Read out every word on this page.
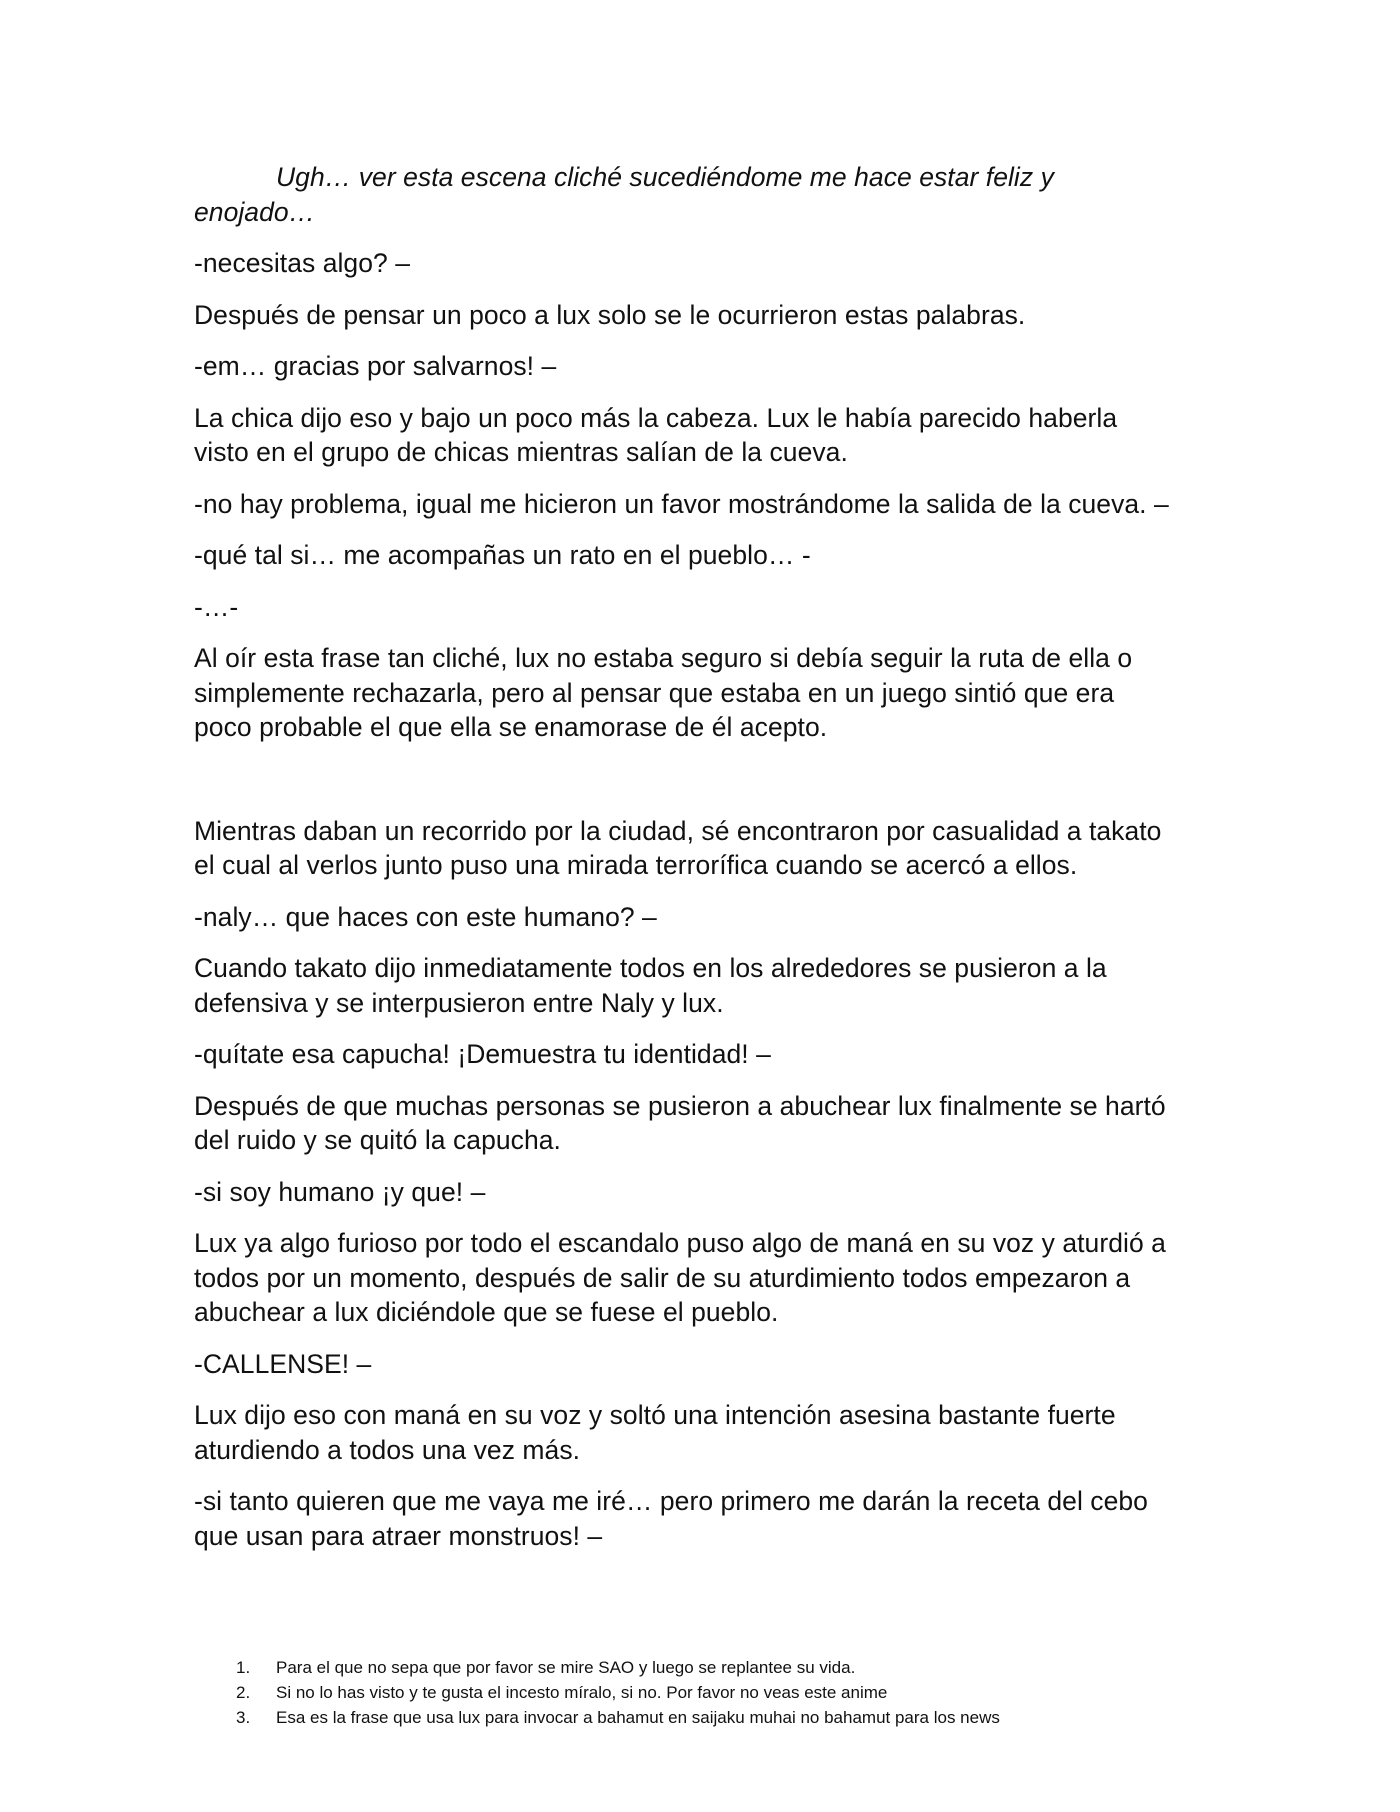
Ugh… ver esta escena cliché sucediéndome me hace estar feliz y
enojado…

-necesitas algo? –

Después de pensar un poco a lux solo se le ocurrieron estas palabras.

-em… gracias por salvarnos! –

La chica dijo eso y bajo un poco más la cabeza. Lux le había parecido haberla
visto en el grupo de chicas mientras salían de la cueva.

-no hay problema, igual me hicieron un favor mostrándome la salida de la cueva. –

-qué tal si… me acompañas un rato en el pueblo… -

-…-

Al oír esta frase tan cliché, lux no estaba seguro si debía seguir la ruta de ella o
simplemente rechazarla, pero al pensar que estaba en un juego sintió que era
poco probable el que ella se enamorase de él acepto.

Mientras daban un recorrido por la ciudad, sé encontraron por casualidad a takato
el cual al verlos junto puso una mirada terrorífica cuando se acercó a ellos.

-naly… que haces con este humano? –

Cuando takato dijo inmediatamente todos en los alrededores se pusieron a la
defensiva y se interpusieron entre Naly y lux.

-quítate esa capucha! ¡Demuestra tu identidad! –

Después de que muchas personas se pusieron a abuchear lux finalmente se hartó
del ruido y se quitó la capucha.

-si soy humano ¡y que! –

Lux ya algo furioso por todo el escandalo puso algo de maná en su voz y aturdió a
todos por un momento, después de salir de su aturdimiento todos empezaron a
abuchear a lux diciéndole que se fuese el pueblo.

-CALLENSE! –

Lux dijo eso con maná en su voz y soltó una intención asesina bastante fuerte
aturdiendo a todos una vez más.

-si tanto quieren que me vaya me iré… pero primero me darán la receta del cebo
que usan para atraer monstruos! –

1.	Para el que no sepa que por favor se mire SAO y luego se replantee su vida.
2.	Si no lo has visto y te gusta el incesto míralo, si no. Por favor no veas este anime
3.	Esa es la frase que usa lux para invocar a bahamut en saijaku muhai no bahamut para los news
